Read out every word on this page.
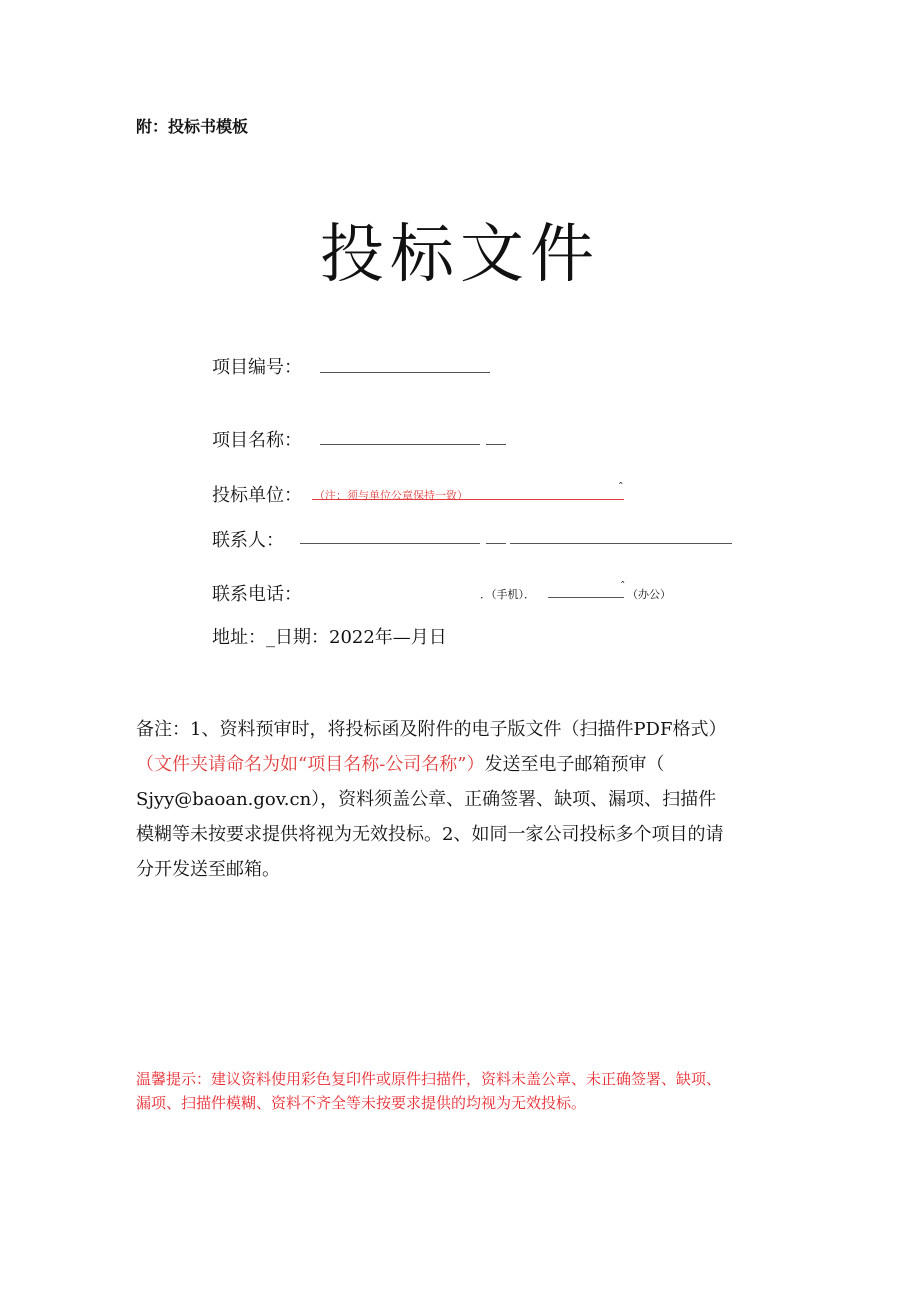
附：投标书模板
投标文件
项目编号：
项目名称：
投标单位： （注：须与单位公章保持一致）
ˆ
联系人：
联系电话：	．（手机）．
ˆ
（办公）
地址：_日期：2022年—月日
备注：1、资料预审时，将投标函及附件的电子版文件（扫描件PDF格式）
（文件夹请命名为如“项目名称-公司名称”）发送至电子邮箱预审（
Sjyy@baoan.gov.cn），资料须盖公章、正确签署、缺项、漏项、扫描件
模糊等未按要求提供将视为无效投标。2、如同一家公司投标多个项目的请
分开发送至邮箱。
温馨提示：建议资料使用彩色复印件或原件扫描件，资料未盖公章、未正确签署、缺项、
漏项、扫描件模糊、资料不齐全等未按要求提供的均视为无效投标。
